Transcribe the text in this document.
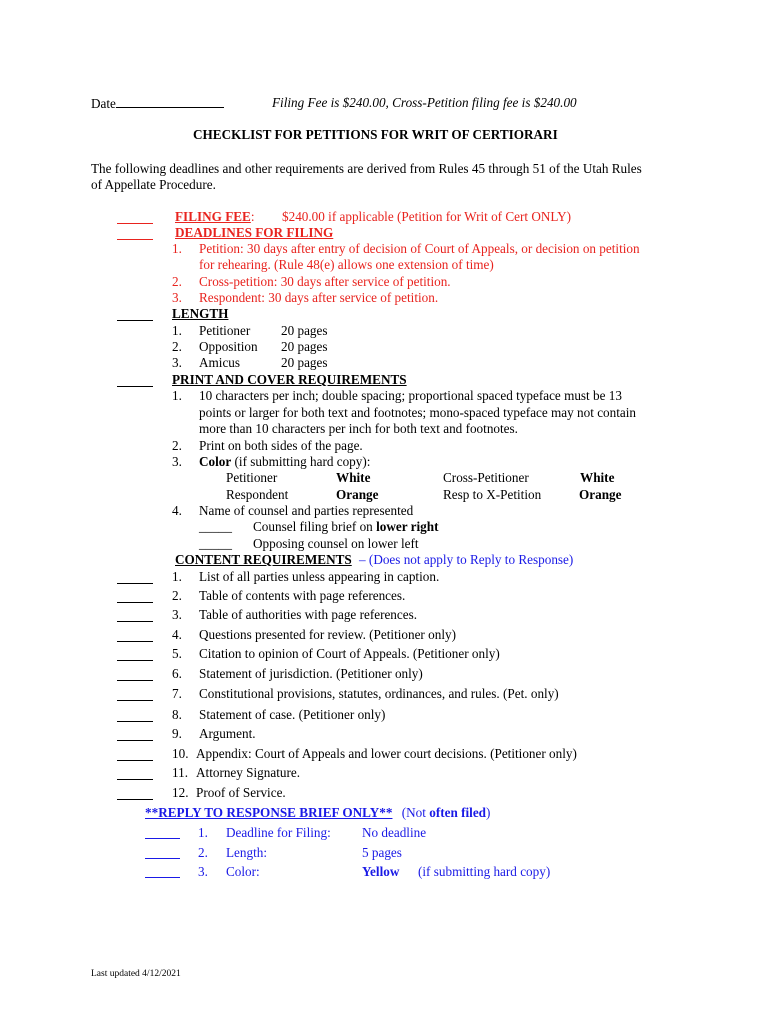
Date	Filing Fee is $240.00, Cross-Petition filing fee is $240.00
CHECKLIST FOR PETITIONS FOR WRIT OF CERTIORARI
The following deadlines and other requirements are derived from Rules 45 through 51 of the Utah Rules
of Appellate Procedure.
FILING FEE: $240.00 if applicable (Petition for Writ of Cert ONLY)
DEADLINES FOR FILING
1. Petition: 30 days after entry of decision of Court of Appeals, or decision on petition
for rehearing. (Rule 48(e) allows one extension of time)
2. Cross-petition: 30 days after service of petition.
3. Respondent: 30 days after service of petition.
LENGTH
1. Petitioner 20 pages
2. Opposition 20 pages
3. Amicus	20 pages
PRINT AND COVER REQUIREMENTS
1. 10 characters per inch; double spacing; proportional spaced typeface must be 13
points or larger for both text and footnotes; mono-spaced typeface may not contain
more than 10 characters per inch for both text and footnotes.
2. Print on both sides of the page.
3. Color (if submitting hard copy):
Petitioner	White	Cross-Petitioner	White
Respondent	Orange	Resp to X-Petition	Orange
4. Name of counsel and parties represented
_____ Counsel filing brief on lower right
_____ Opposing counsel on lower left
CONTENT REQUIREMENTS – (Does not apply to Reply to Response)
1. List of all parties unless appearing in caption.
2. Table of contents with page references.
3. Table of authorities with page references.
4. Questions presented for review. (Petitioner only)
5. Citation to opinion of Court of Appeals. (Petitioner only)
6. Statement of jurisdiction. (Petitioner only)
7. Constitutional provisions, statutes, ordinances, and rules. (Pet. only)
8. Statement of case. (Petitioner only)
9. Argument.
10. Appendix: Court of Appeals and lower court decisions. (Petitioner only)
11. Attorney Signature.
12. Proof of Service.
**REPLY TO RESPONSE BRIEF ONLY** (Not often filed)
1. Deadline for Filing: No deadline
2. Length:	5 pages
3. Color:	Yellow (if submitting hard copy)
Last updated 4/12/2021
